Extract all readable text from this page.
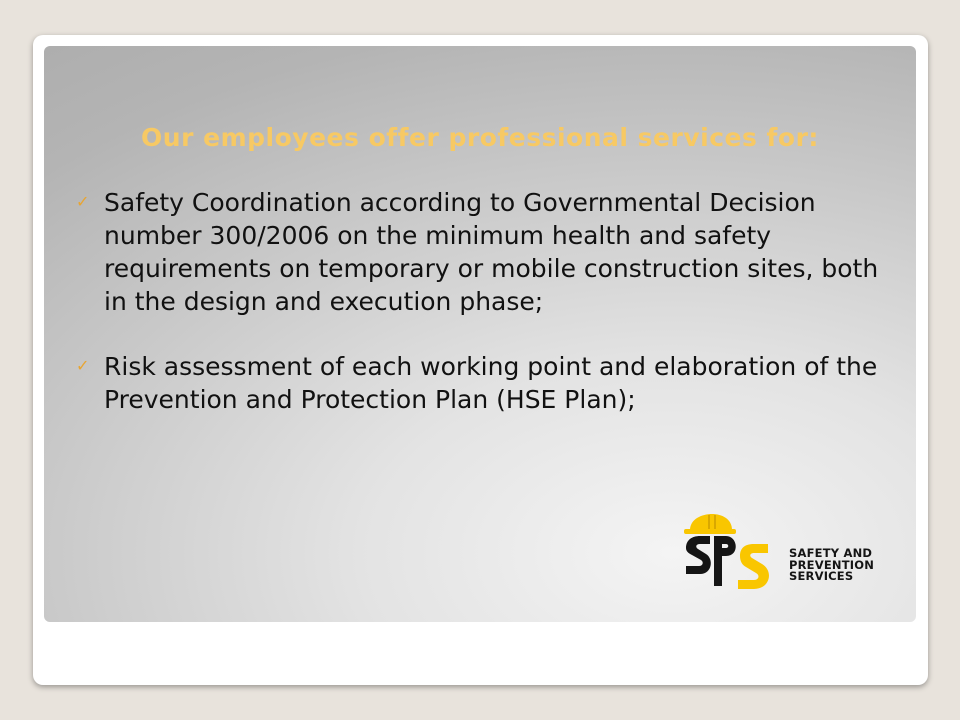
Our employees offer professional services for:
✓ Safety Coordination according to Governmental Decision number 300/2006 on the minimum health and safety requirements on temporary or mobile construction sites, both in the design and execution phase;
✓ Risk assessment of each working point and elaboration of the Prevention and Protection Plan (HSE Plan);
SAFETY AND
PREVENTION
SERVICES
